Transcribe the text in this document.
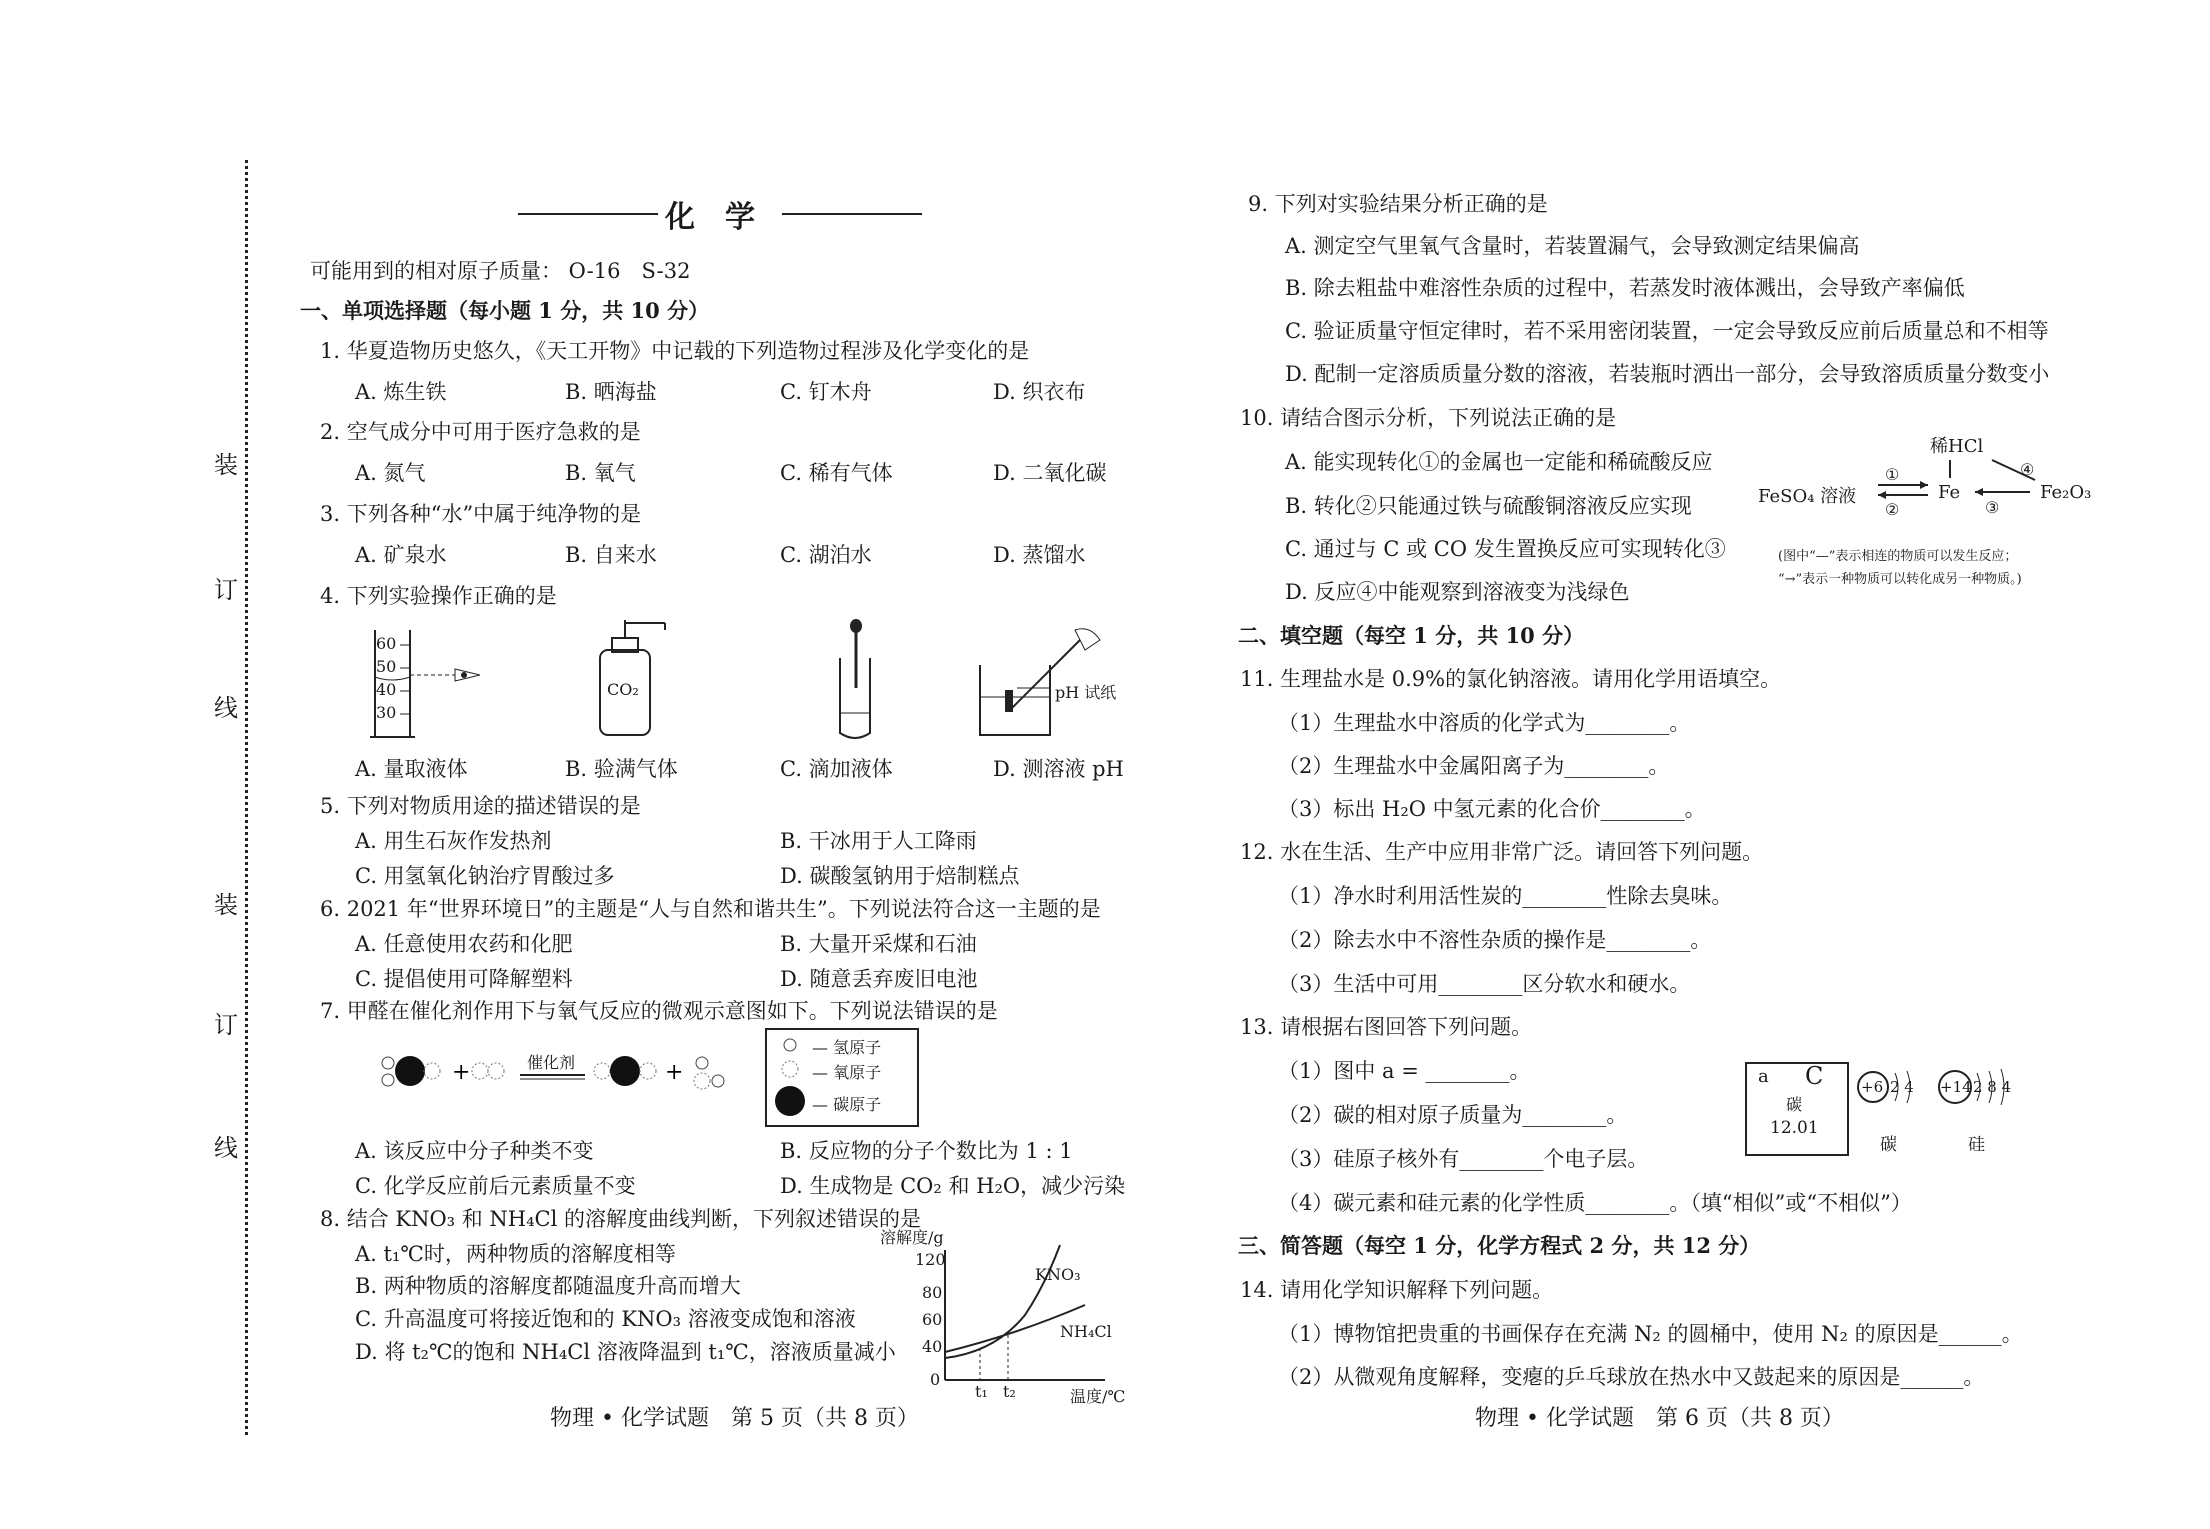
装
订
线
装
订
线
化　学
可能用到的相对原子质量： O-16　S-32
一、单项选择题（每小题 1 分，共 10 分）
1. 华夏造物历史悠久，《天工开物》中记载的下列造物过程涉及化学变化的是
A. 炼生铁	B. 晒海盐	C. 钉木舟	D. 织衣布
2. 空气成分中可用于医疗急救的是
A. 氮气	B. 氧气	C. 稀有气体	D. 二氧化碳
3. 下列各种“水”中属于纯净物的是
A. 矿泉水	B. 自来水	C. 湖泊水	D. 蒸馏水
4. 下列实验操作正确的是
60
50
40
30
CO₂	pH 试纸
A. 量取液体	B. 验满气体	C. 滴加液体	D. 测溶液 pH
5. 下列对物质用途的描述错误的是
A. 用生石灰作发热剂	B. 干冰用于人工降雨
C. 用氢氧化钠治疗胃酸过多	D. 碳酸氢钠用于焙制糕点
6. 2021 年“世界环境日”的主题是“人与自然和谐共生”。下列说法符合这一主题的是
A. 任意使用农药和化肥	B. 大量开采煤和石油
C. 提倡使用可降解塑料	D. 随意丢弃废旧电池
7. 甲醛在催化剂作用下与氧气反应的微观示意图如下。下列说法错误的是
+	+
催化剂
— 氢原子
— 氧原子
— 碳原子
A. 该反应中分子种类不变	B. 反应物的分子个数比为 1 : 1
C. 化学反应前后元素质量不变	D. 生成物是 CO₂ 和 H₂O，减少污染
8. 结合 KNO₃ 和 NH₄Cl 的溶解度曲线判断，下列叙述错误的是
A. t₁℃时，两种物质的溶解度相等
B. 两种物质的溶解度都随温度升高而增大
C. 升高温度可将接近饱和的 KNO₃ 溶液变成饱和溶液
D. 将 t₂℃的饱和 NH₄Cl 溶液降温到 t₁℃，溶液质量减小
溶解度/g
温度/℃
120
80
60
40
0
KNO₃
NH₄Cl
t₁ t₂
物理 • 化学试题　第 5 页（共 8 页）
9. 下列对实验结果分析正确的是
A. 测定空气里氧气含量时，若装置漏气，会导致测定结果偏高
B. 除去粗盐中难溶性杂质的过程中，若蒸发时液体溅出，会导致产率偏低
C. 验证质量守恒定律时，若不采用密闭装置，一定会导致反应前后质量总和不相等
D. 配制一定溶质质量分数的溶液，若装瓶时洒出一部分，会导致溶质质量分数变小
10. 请结合图示分析，下列说法正确的是
A. 能实现转化①的金属也一定能和稀硫酸反应
B. 转化②只能通过铁与硫酸铜溶液反应实现
C. 通过与 C 或 CO 发生置换反应可实现转化③
D. 反应④中能观察到溶液变为浅绿色
稀HCl
FeSO₄ 溶液	Fe	Fe₂O₃
①
②	③
④
(图中“—”表示相连的物质可以发生反应；
“→”表示一种物质可以转化成另一种物质。)
二、填空题（每空 1 分，共 10 分）
11. 生理盐水是 0.9%的氯化钠溶液。请用化学用语填空。
（1）生理盐水中溶质的化学式为________。
（2）生理盐水中金属阳离子为________。
（3）标出 H₂O 中氢元素的化合价________。
12. 水在生活、生产中应用非常广泛。请回答下列问题。
（1）净水时利用活性炭的________性除去臭味。
（2）除去水中不溶性杂质的操作是________。
（3）生活中可用________区分软水和硬水。
13. 请根据右图回答下列问题。
（1）图中 a = ________。
（2）碳的相对原子质量为________。
（3）硅原子核外有________个电子层。
（4）碳元素和硅元素的化学性质________。（填“相似”或“不相似”）
a C
碳
12.01
+6 2 4 +14 2 8 4
碳	硅
三、简答题（每空 1 分，化学方程式 2 分，共 12 分）
14. 请用化学知识解释下列问题。
（1）博物馆把贵重的书画保存在充满 N₂ 的圆桶中，使用 N₂ 的原因是______。
（2）从微观角度解释，变瘪的乒乓球放在热水中又鼓起来的原因是______。
物理 • 化学试题　第 6 页（共 8 页）
